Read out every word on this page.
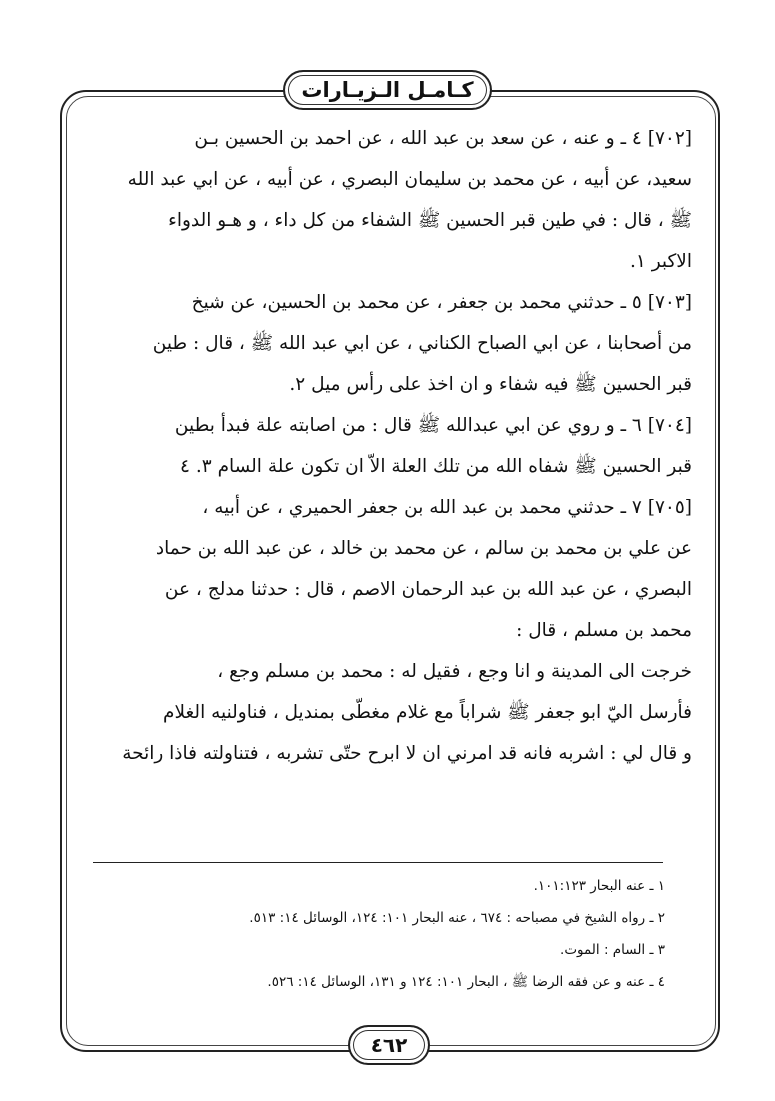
كـامـل الـزيـارات

[٧٠٢] ٤ ـ و عنه ، عن سعد بن عبد الله ، عن احمد بن الحسين بـن
سعيد، عن أبيه ، عن محمد بن سليمان البصري ، عن أبيه ، عن ابي عبد الله
ﷺ ، قال : في طين قبر الحسين ﷺ الشفاء من كل داء ، و هـو الدواء
الاكبر ١.

[٧٠٣] ٥ ـ حدثني محمد بن جعفر ، عن محمد بن الحسين، عن شيخ
من أصحابنا ، عن ابي الصباح الكناني ، عن ابي عبد الله ﷺ ، قال : طين
قبر الحسين ﷺ فيه شفاء و ان اخذ على رأس ميل ٢.

[٧٠٤] ٦ ـ و روي عن ابي عبدالله ﷺ قال : من اصابته علة فبدأ بطين
قبر الحسين ﷺ شفاه الله من تلك العلة الاّ ان تكون علة السام ٣. ٤

[٧٠٥] ٧ ـ حدثني محمد بن عبد الله بن جعفر الحميري ، عن أبيه ،
عن علي بن محمد بن سالم ، عن محمد بن خالد ، عن عبد الله بن حماد
البصري ، عن عبد الله بن عبد الرحمان الاصم ، قال : حدثنا مدلج ، عن
محمد بن مسلم ، قال :

خرجت الى المدينة و انا وجع ، فقيل له : محمد بن مسلم وجع ،
فأرسل اليّ ابو جعفر ﷺ شراباً مع غلام مغطّى بمنديل ، فناولنيه الغلام
و قال لي : اشربه فانه قد امرني ان لا ابرح حتّى تشربه ، فتناولته فاذا رائحة

١ ـ عنه البحار ١٠١:١٢٣.
٢ ـ رواه الشيخ في مصباحه : ٦٧٤ ، عنه البحار ١٠١: ١٢٤، الوسائل ١٤: ٥١٣.
٣ ـ السام : الموت.
٤ ـ عنه و عن فقه الرضا ﷺ ، البحار ١٠١: ١٢٤ و ١٣١، الوسائل ١٤: ٥٢٦.
٤٦٢
